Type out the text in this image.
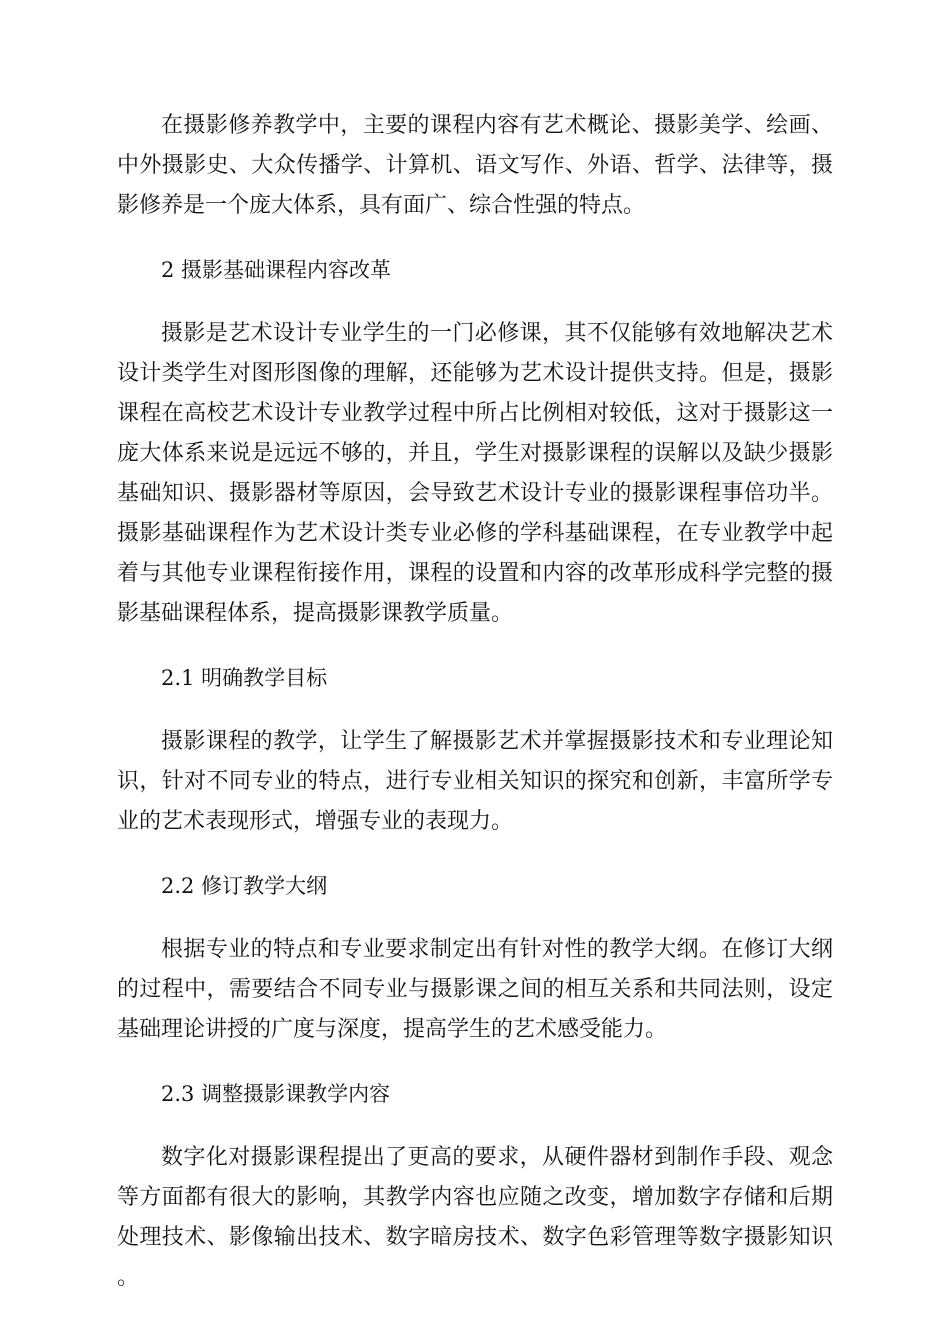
在摄影修养教学中，主要的课程内容有艺术概论、摄影美学、绘画、中外摄影史、大众传播学、计算机、语文写作、外语、哲学、法律等，摄影修养是一个庞大体系，具有面广、综合性强的特点。

2 摄影基础课程内容改革

摄影是艺术设计专业学生的一门必修课，其不仅能够有效地解决艺术设计类学生对图形图像的理解，还能够为艺术设计提供支持。但是，摄影课程在高校艺术设计专业教学过程中所占比例相对较低，这对于摄影这一庞大体系来说是远远不够的，并且，学生对摄影课程的误解以及缺少摄影基础知识、摄影器材等原因，会导致艺术设计专业的摄影课程事倍功半。摄影基础课程作为艺术设计类专业必修的学科基础课程，在专业教学中起着与其他专业课程衔接作用，课程的设置和内容的改革形成科学完整的摄影基础课程体系，提高摄影课教学质量。

2.1 明确教学目标

摄影课程的教学，让学生了解摄影艺术并掌握摄影技术和专业理论知识，针对不同专业的特点，进行专业相关知识的探究和创新，丰富所学专业的艺术表现形式，增强专业的表现力。

2.2 修订教学大纲

根据专业的特点和专业要求制定出有针对性的教学大纲。在修订大纲的过程中，需要结合不同专业与摄影课之间的相互关系和共同法则，设定基础理论讲授的广度与深度，提高学生的艺术感受能力。

2.3 调整摄影课教学内容

数字化对摄影课程提出了更高的要求，从硬件器材到制作手段、观念等方面都有很大的影响，其教学内容也应随之改变，增加数字存储和后期处理技术、影像输出技术、数字暗房技术、数字色彩管理等数字摄影知识。
